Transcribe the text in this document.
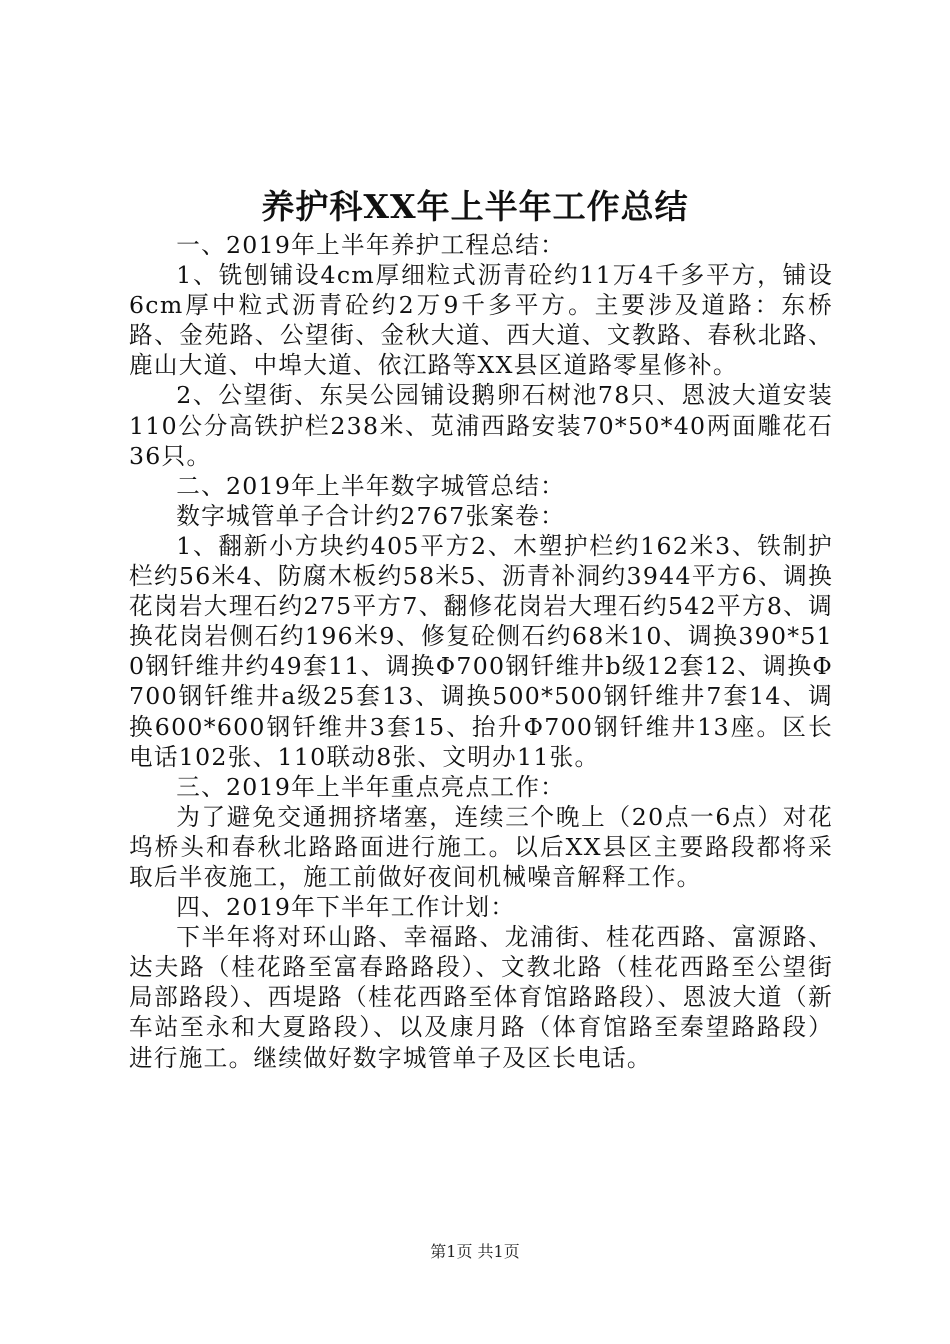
养护科XX年上半年工作总结

一、2019年上半年养护工程总结：

1、铣刨铺设4cm厚细粒式沥青砼约11万4千多平方，铺设6cm厚中粒式沥青砼约2万9千多平方。主要涉及道路：东桥路、金苑路、公望街、金秋大道、西大道、文教路、春秋北路、鹿山大道、中埠大道、依江路等XX县区道路零星修补。

2、公望街、东吴公园铺设鹅卵石树池78只、恩波大道安装110公分高铁护栏238米、苋浦西路安装70*50*40两面雕花石36只。

二、2019年上半年数字城管总结：

数字城管单子合计约2767张案卷：

1、翻新小方块约405平方2、木塑护栏约162米3、铁制护栏约56米4、防腐木板约58米5、沥青补洞约3944平方6、调换花岗岩大理石约275平方7、翻修花岗岩大理石约542平方8、调换花岗岩侧石约196米9、修复砼侧石约68米10、调换390*510钢钎维井约49套11、调换Φ700钢钎维井b级12套12、调换Φ700钢钎维井a级25套13、调换500*500钢钎维井7套14、调换600*600钢钎维井3套15、抬升Φ700钢钎维井13座。区长电话102张、110联动8张、文明办11张。

三、2019年上半年重点亮点工作：

为了避免交通拥挤堵塞，连续三个晚上（20点一6点）对花坞桥头和春秋北路路面进行施工。以后XX县区主要路段都将采取后半夜施工，施工前做好夜间机械噪音解释工作。

四、2019年下半年工作计划：

下半年将对环山路、幸福路、龙浦街、桂花西路、富源路、达夫路（桂花路至富春路路段）、文教北路（桂花西路至公望街局部路段）、西堤路（桂花西路至体育馆路路段）、恩波大道（新车站至永和大夏路段）、以及康月路（体育馆路至秦望路路段）进行施工。继续做好数字城管单子及区长电话。

第1页 共1页
